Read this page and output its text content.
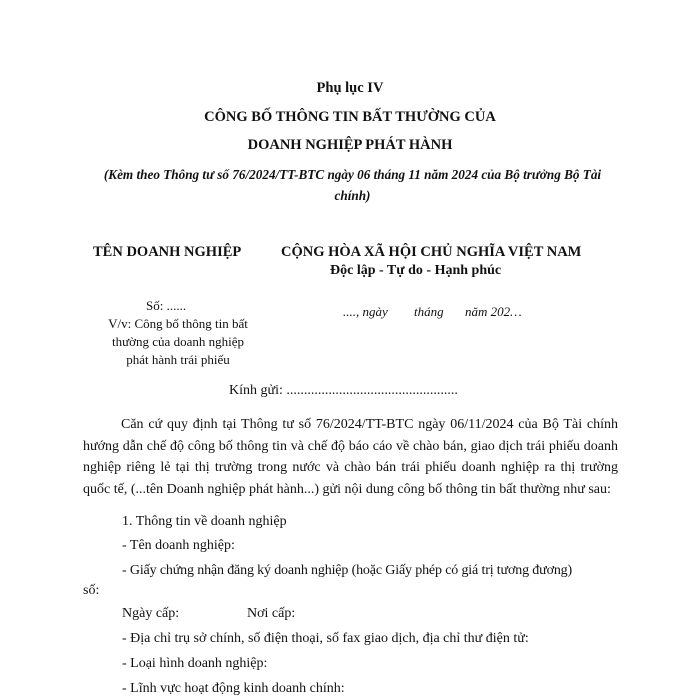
Phụ lục IV
CÔNG BỐ THÔNG TIN BẤT THƯỜNG CỦA
DOANH NGHIỆP PHÁT HÀNH
(Kèm theo Thông tư số 76/2024/TT-BTC ngày 06 tháng 11 năm 2024 của Bộ trưởng Bộ Tài
chính)
TÊN DOANH NGHIỆP	CỘNG HÒA XÃ HỘI CHỦ NGHĨA VIỆT NAM
Độc lập - Tự do - Hạnh phúc
Số: ......
V/v: Công bố thông tin bất
thường của doanh nghiệp
phát hành trái phiếu
...., ngày tháng năm 202…
Kính gửi: .................................................
Căn cứ quy định tại Thông tư số 76/2024/TT-BTC ngày 06/11/2024 của Bộ Tài chính hướng dẫn chế độ công bố thông tin và chế độ báo cáo về chào bán, giao dịch trái phiếu doanh nghiệp riêng lẻ tại thị trường trong nước và chào bán trái phiếu doanh nghiệp ra thị trường quốc tế, (...tên Doanh nghiệp phát hành...) gửi nội dung công bố thông tin bất thường như sau:
1. Thông tin về doanh nghiệp
- Tên doanh nghiệp:
- Giấy chứng nhận đăng ký doanh nghiệp (hoặc Giấy phép có giá trị tương đương)
số:
Ngày cấp:	Nơi cấp:
- Địa chỉ trụ sở chính, số điện thoại, số fax giao dịch, địa chỉ thư điện tử:
- Loại hình doanh nghiệp:
- Lĩnh vực hoạt động kinh doanh chính:
